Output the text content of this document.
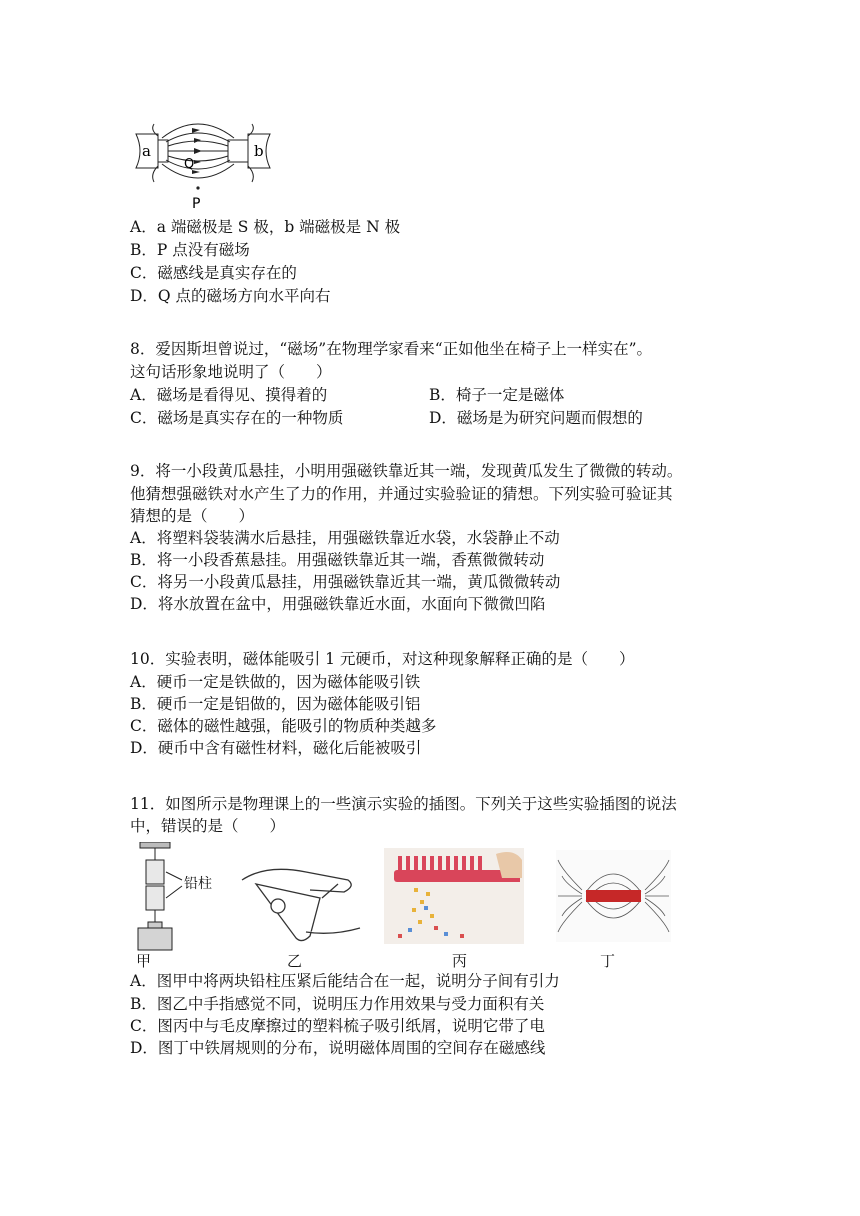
a	b
Q
P
A．a 端磁极是 S 极，b 端磁极是 N 极
B．P 点没有磁场
C．磁感线是真实存在的
D．Q 点的磁场方向水平向右
8．爱因斯坦曾说过，“磁场”在物理学家看来“正如他坐在椅子上一样实在”。
这句话形象地说明了（　　）
A．磁场是看得见、摸得着的	B．椅子一定是磁体
C．磁场是真实存在的一种物质	D．磁场是为研究问题而假想的
9．将一小段黄瓜悬挂，小明用强磁铁靠近其一端，发现黄瓜发生了微微的转动。
他猜想强磁铁对水产生了力的作用，并通过实验验证的猜想。下列实验可验证其
猜想的是（　　）
A．将塑料袋装满水后悬挂，用强磁铁靠近水袋，水袋静止不动
B．将一小段香蕉悬挂。用强磁铁靠近其一端，香蕉微微转动
C．将另一小段黄瓜悬挂，用强磁铁靠近其一端，黄瓜微微转动
D．将水放置在盆中，用强磁铁靠近水面，水面向下微微凹陷
10．实验表明，磁体能吸引 1 元硬币，对这种现象解释正确的是（　　）
A．硬币一定是铁做的，因为磁体能吸引铁
B．硬币一定是铝做的，因为磁体能吸引铝
C．磁体的磁性越强，能吸引的物质种类越多
D．硬币中含有磁性材料，磁化后能被吸引
11．如图所示是物理课上的一些演示实验的插图。下列关于这些实验插图的说法
中，错误的是（　　）
铅柱
甲	乙	丙	丁
A．图甲中将两块铅柱压紧后能结合在一起，说明分子间有引力
B．图乙中手指感觉不同，说明压力作用效果与受力面积有关
C．图丙中与毛皮摩擦过的塑料梳子吸引纸屑，说明它带了电
D．图丁中铁屑规则的分布，说明磁体周围的空间存在磁感线
